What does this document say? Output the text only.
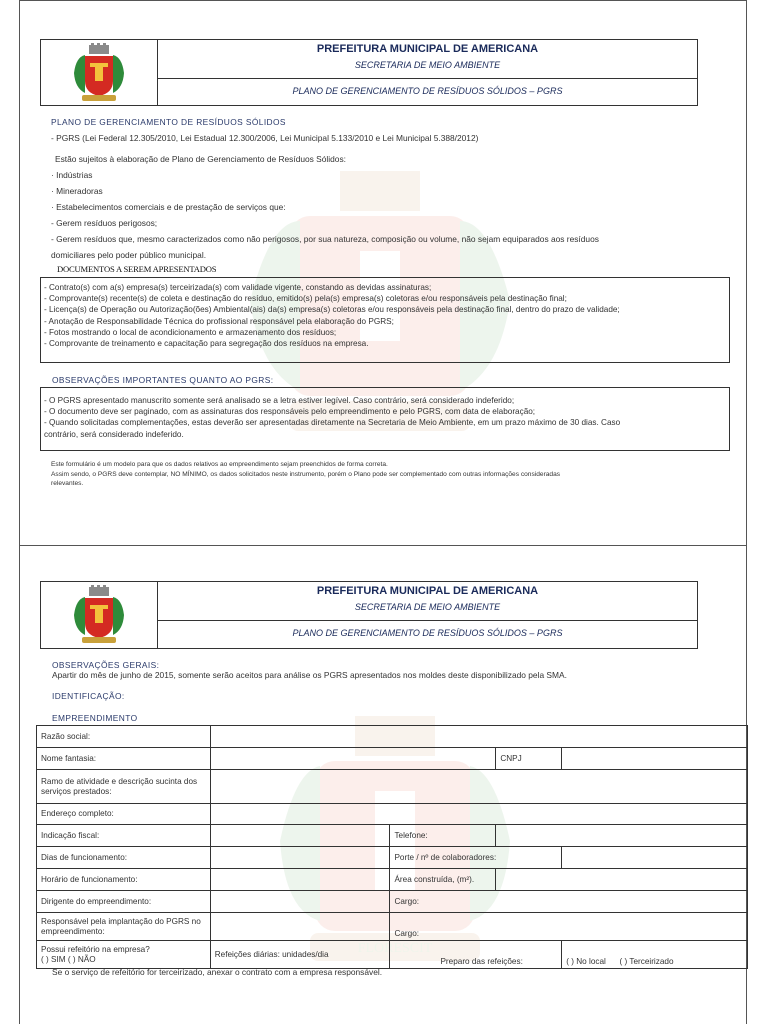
PREFEITURA MUNICIPAL DE AMERICANA
SECRETARIA DE MEIO AMBIENTE
PLANO DE GERENCIAMENTO DE RESÍDUOS SÓLIDOS – PGRS
PLANO DE GERENCIAMENTO DE RESÍDUOS SÓLIDOS
- PGRS (Lei Federal 12.305/2010, Lei Estadual 12.300/2006, Lei Municipal 5.133/2010 e Lei Municipal 5.388/2012)
Estão sujeitos à elaboração de Plano de Gerenciamento de Resíduos Sólidos:
· Indústrias
· Mineradoras
· Estabelecimentos comerciais e de prestação de serviços que:
- Gerem resíduos perigosos;
- Gerem resíduos que, mesmo caracterizados como não perigosos, por sua natureza, composição ou volume, não sejam equiparados aos resíduos
domiciliares pelo poder público municipal.
DOCUMENTOS A SEREM APRESENTADOS
- Contrato(s) com a(s) empresa(s) terceirizada(s) com validade vigente, constando as devidas assinaturas;
- Comprovante(s) recente(s) de coleta e destinação do resíduo, emitido(s) pela(s) empresa(s) coletoras e/ou responsáveis pela destinação final;
- Licença(s) de Operação ou Autorização(ões) Ambiental(ais) da(s) empresa(s) coletoras e/ou responsáveis pela destinação final, dentro do prazo de validade;
- Anotação de Responsabilidade Técnica do profissional responsável pela elaboração do PGRS;
- Fotos mostrando o local de acondicionamento e armazenamento dos resíduos;
- Comprovante de treinamento e capacitação para segregação dos resíduos na empresa.
OBSERVAÇÕES IMPORTANTES QUANTO AO PGRS:
- O PGRS apresentado manuscrito somente será analisado se a letra estiver legível. Caso contrário, será considerado indeferido;
- O documento deve ser paginado, com as assinaturas dos responsáveis pelo empreendimento e pelo PGRS, com data de elaboração;
- Quando solicitadas complementações, estas deverão ser apresentadas diretamente na Secretaria de Meio Ambiente, em um prazo máximo de 30 dias. Caso
contrário, será considerado indeferido.
Este formulário é um modelo para que os dados relativos ao empreendimento sejam preenchidos de forma correta.
Assim sendo, o PGRS deve contemplar, NO MÍNIMO, os dados solicitados neste instrumento, porém o Plano pode ser complementado com outras informações consideradas
relevantes.
FLORESCIT
PREFEITURA MUNICIPAL DE AMERICANA
SECRETARIA DE MEIO AMBIENTE
PLANO DE GERENCIAMENTO DE RESÍDUOS SÓLIDOS – PGRS
OBSERVAÇÕES GERAIS:
Apartir do mês de junho de 2015, somente serão aceitos para análise os PGRS apresentados nos moldes deste disponibilizado pela SMA.
IDENTIFICAÇÃO:
EMPREENDIMENTO
Razão social:				
Nome fantasia:			CNPJ	
Ramo de atividade e descrição sucinta dos serviços prestados:				
Endereço completo:				
Indicação fiscal:		Telefone:		
Dias de funcionamento:		Porte / nº de colaboradores:		
Horário de funcionamento:		Área construída, (m²).		
Dirigente do empreendimento:		Cargo:		
Responsável pela implantação do PGRS no empreendimento:		Cargo:		

Possui refeitório na empresa?
( ) SIM ( ) NÃO	Refeições diárias: unidades/dia	Preparo das refeições:		( ) No local ( ) Terceirizado
Se o serviço de refeitório for terceirizado, anexar o contrato com a empresa responsável.
